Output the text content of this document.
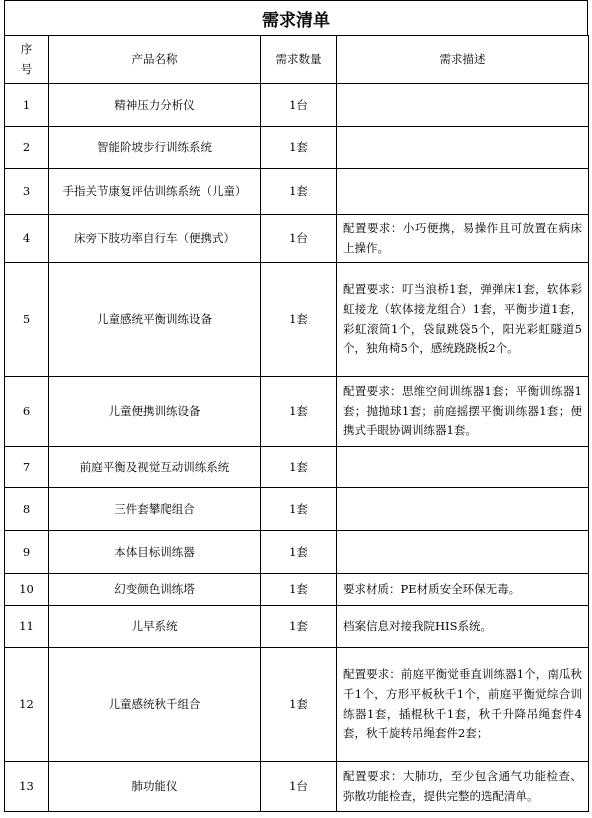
需求清单
序号	产品名称	需求数量	需求描述
1	精神压力分析仪	1台	
2	智能阶坡步行训练系统	1套	
3	手指关节康复评估训练系统（儿童）	1套	
4	床旁下肢功率自行车（便携式）	1台	配置要求：小巧便携，易操作且可放置在病床上操作。
5	儿童感统平衡训练设备	1套	配置要求：叮当浪桥1套，弹弹床1套，软体彩虹接龙（软体接龙组合）1套，平衡步道1套，彩虹滚筒1个，袋鼠跳袋5个，阳光彩虹隧道5个，独角椅5个，感统跷跷板2个。
6	儿童便携训练设备	1套	配置要求：思维空间训练器1套；平衡训练器1套；抛抛球1套；前庭摇摆平衡训练器1套；便携式手眼协调训练器1套。
7	前庭平衡及视觉互动训练系统	1套	
8	三件套攀爬组合	1套	
9	本体目标训练器	1套	
10	幻变颜色训练塔	1套	要求材质：PE材质安全环保无毒。
11	儿早系统	1套	档案信息对接我院HIS系统。
12	儿童感统秋千组合	1套	配置要求：前庭平衡觉垂直训练器1个，南瓜秋千1个，方形平板秋千1个，前庭平衡觉综合训练器1套，插棍秋千1套，秋千升降吊绳套件4套，秋千旋转吊绳套件2套；
13	肺功能仪	1台	配置要求：大肺功，至少包含通气功能检查、弥散功能检查，提供完整的选配清单。
